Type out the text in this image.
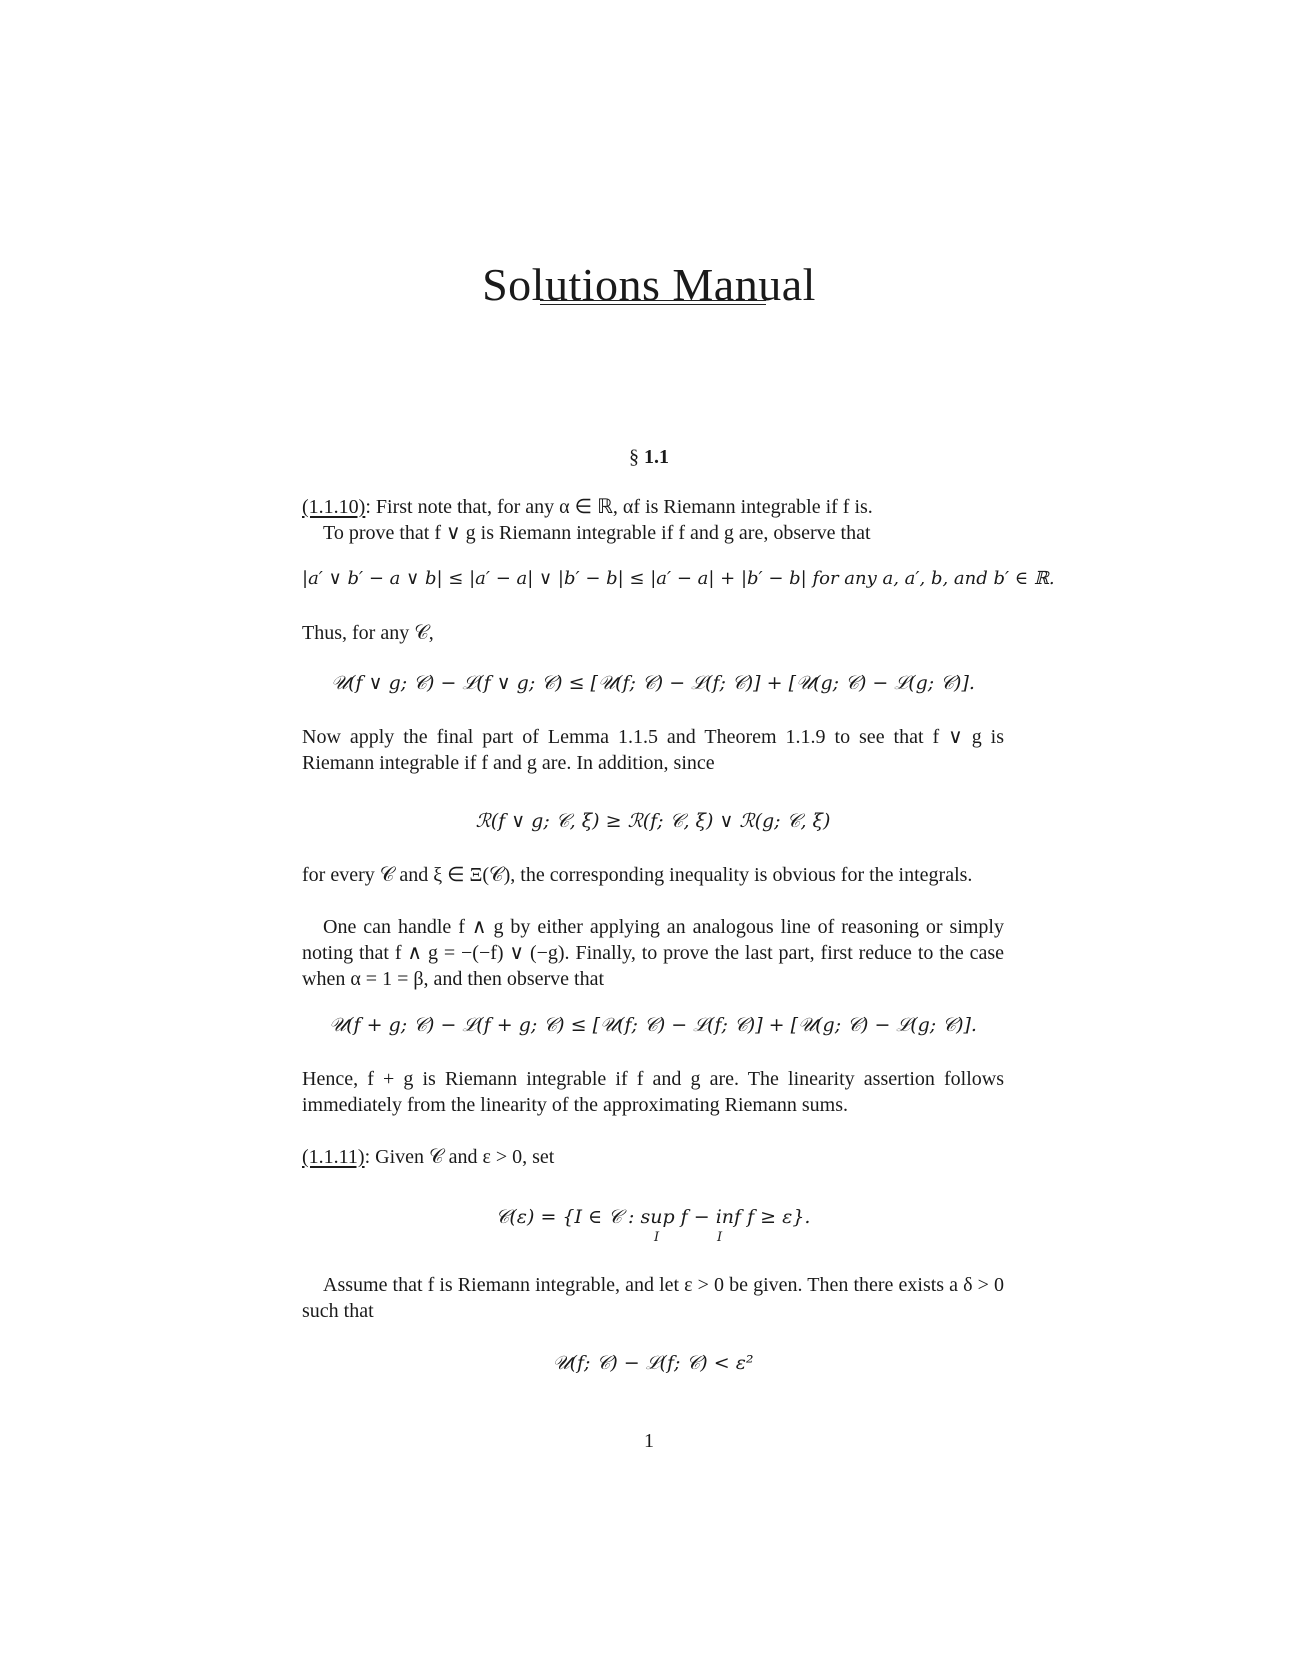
Solutions Manual
§ 1.1
(1.1.10): First note that, for any α ∈ ℝ, αf is Riemann integrable if f is.
To prove that f ∨ g is Riemann integrable if f and g are, observe that
|a′ ∨ b′ − a ∨ b| ≤ |a′ − a| ∨ |b′ − b| ≤ |a′ − a| + |b′ − b| for any a, a′, b, and b′ ∈ ℝ.
Thus, for any 𝒞,
𝒰(f ∨ g; 𝒞) − ℒ(f ∨ g; 𝒞) ≤ [𝒰(f; 𝒞) − ℒ(f; 𝒞)] + [𝒰(g; 𝒞) − ℒ(g; 𝒞)].
Now apply the final part of Lemma 1.1.5 and Theorem 1.1.9 to see that f ∨ g is Riemann integrable if f and g are. In addition, since
ℛ(f ∨ g; 𝒞, ξ) ≥ ℛ(f; 𝒞, ξ) ∨ ℛ(g; 𝒞, ξ)
for every 𝒞 and ξ ∈ Ξ(𝒞), the corresponding inequality is obvious for the integrals.
One can handle f ∧ g by either applying an analogous line of reasoning or simply noting that f ∧ g = −(−f) ∨ (−g). Finally, to prove the last part, first reduce to the case when α = 1 = β, and then observe that
𝒰(f + g; 𝒞) − ℒ(f + g; 𝒞) ≤ [𝒰(f; 𝒞) − ℒ(f; 𝒞)] + [𝒰(g; 𝒞) − ℒ(g; 𝒞)].
Hence, f + g is Riemann integrable if f and g are. The linearity assertion follows immediately from the linearity of the approximating Riemann sums.
(1.1.11): Given 𝒞 and ε > 0, set
𝒞(ε) = {I ∈ 𝒞 : sup f − inf f ≥ ε}.
I	I
Assume that f is Riemann integrable, and let ε > 0 be given. Then there exists a δ > 0 such that
𝒰(f; 𝒞) − ℒ(f; 𝒞) < ε²
1
